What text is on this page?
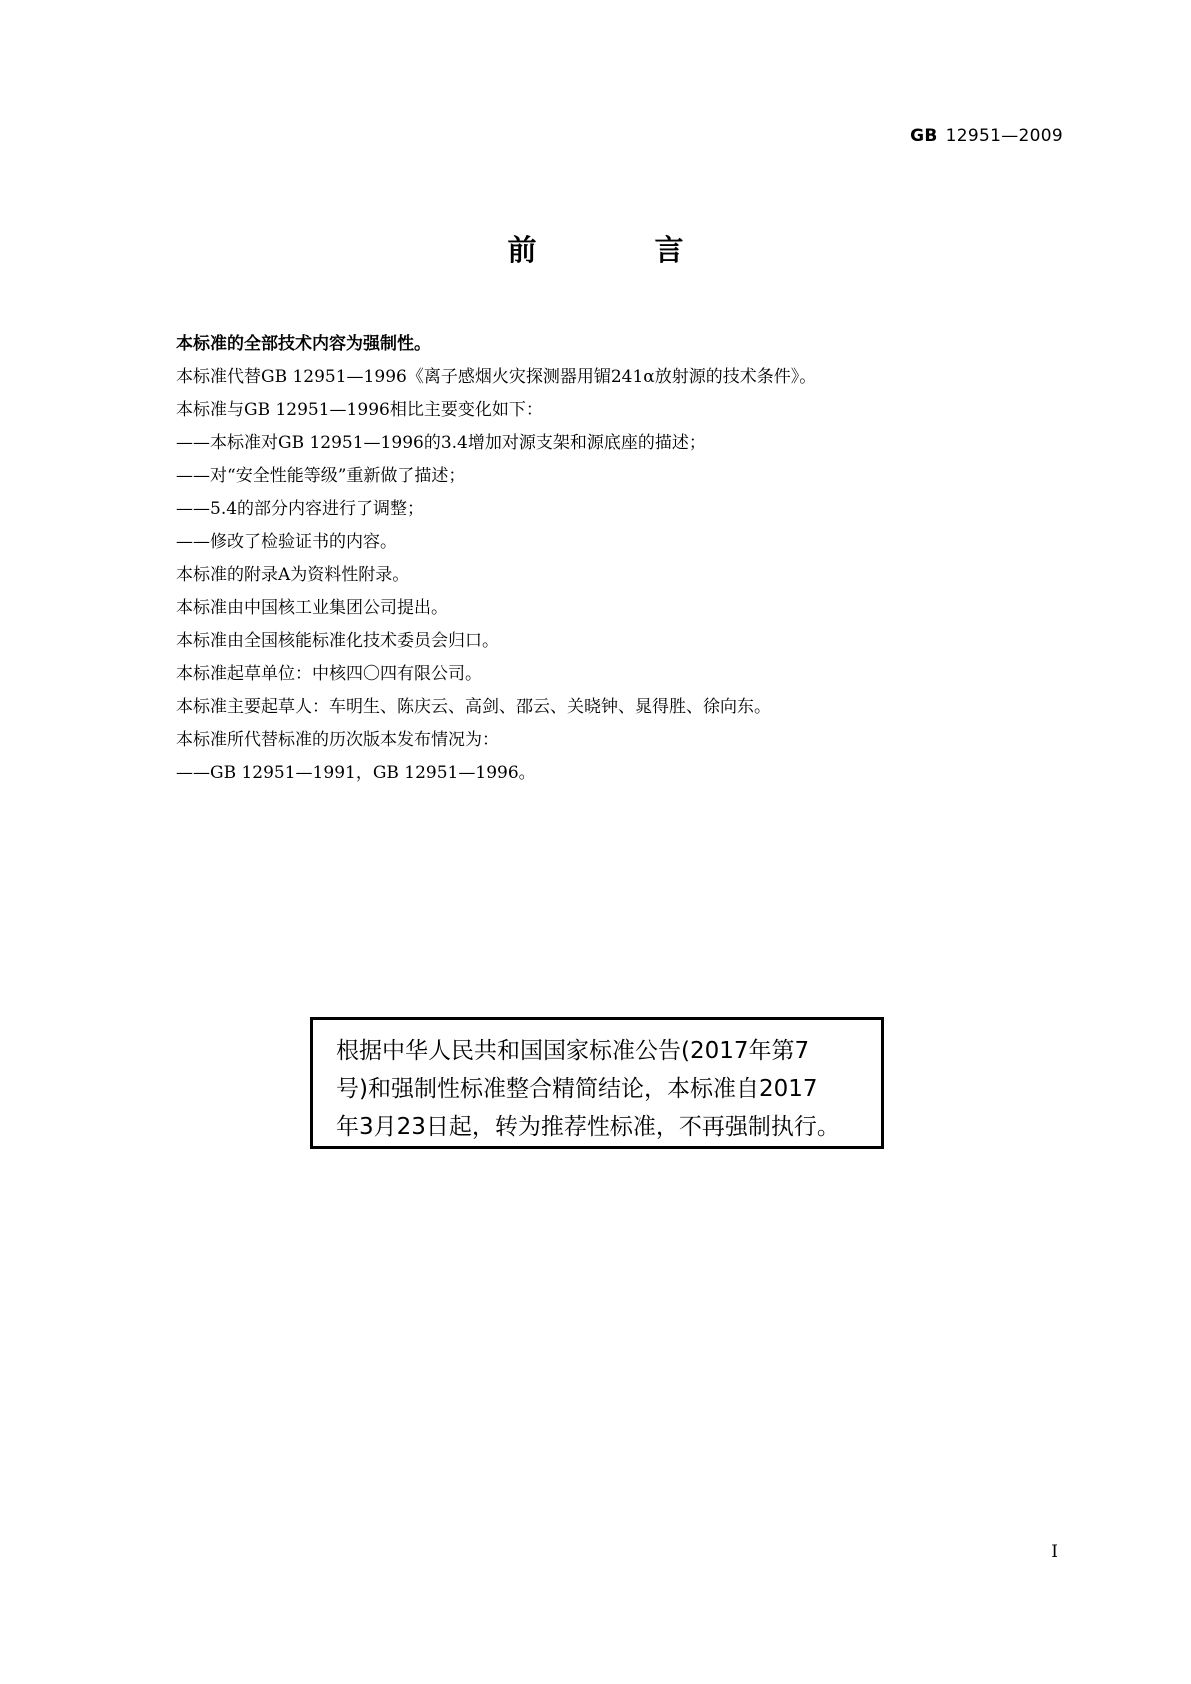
GB 12951—2009
前 言
本标准的全部技术内容为强制性。
本标准代替GB 12951—1996《离子感烟火灾探测器用镅241α放射源的技术条件》。
本标准与GB 12951—1996相比主要变化如下：
——本标准对GB 12951—1996的3.4增加对源支架和源底座的描述；
——对“安全性能等级”重新做了描述；
——5.4的部分内容进行了调整；
——修改了检验证书的内容。
本标准的附录A为资料性附录。
本标准由中国核工业集团公司提出。
本标准由全国核能标准化技术委员会归口。
本标准起草单位：中核四〇四有限公司。
本标准主要起草人：车明生、陈庆云、高剑、邵云、关晓钟、晁得胜、徐向东。
本标准所代替标准的历次版本发布情况为：
——GB 12951—1991，GB 12951—1996。
根据中华人民共和国国家标准公告(2017年第7
号)和强制性标准整合精简结论，本标准自2017
年3月23日起，转为推荐性标准，不再强制执行。
I
